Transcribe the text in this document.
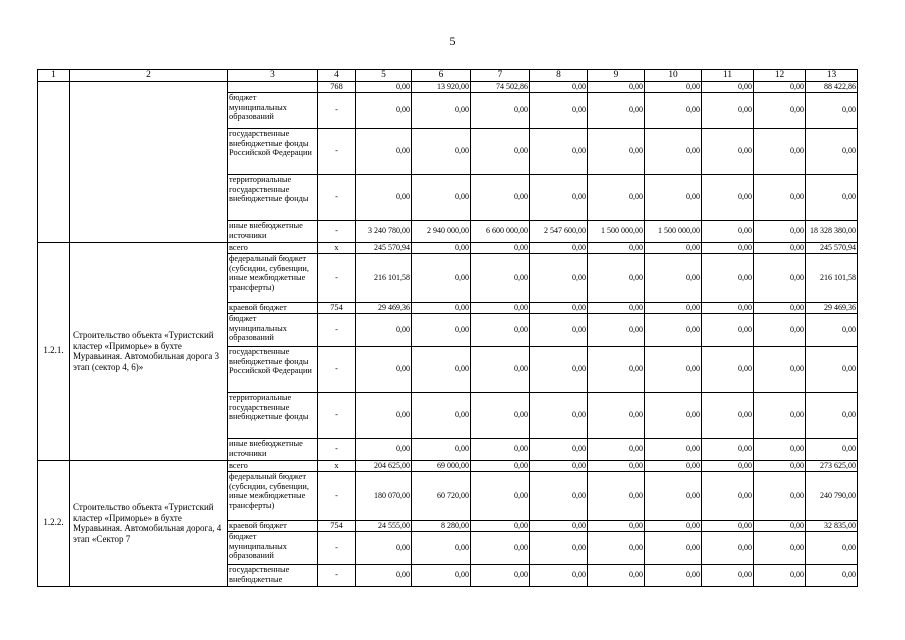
5
1	2	3	4	5	6	7	8	9	10	11	12	13
			768	0,00	13 920,00	74 502,86	0,00	0,00	0,00	0,00	0,00	88 422,86
		бюджет муниципальных образований	-	0,00	0,00	0,00	0,00	0,00	0,00	0,00	0,00	0,00
		государственные внебюджетные фонды Российской Федерации	-	0,00	0,00	0,00	0,00	0,00	0,00	0,00	0,00	0,00
		территориальные государственные внебюджетные фонды	-	0,00	0,00	0,00	0,00	0,00	0,00	0,00	0,00	0,00
		иные внебюджетные источники	-	3 240 780,00	2 940 000,00	6 600 000,00	2 547 600,00	1 500 000,00	1 500 000,00	0,00	0,00	18 328 380,00
1.2.1.	Строительство объекта «Туристский кластер «Приморье» в бухте Муравьиная. Автомобильная дорога 3 этап (сектор 4, 6)»	всего	х	245 570,94	0,00	0,00	0,00	0,00	0,00	0,00	0,00	245 570,94
		федеральный бюджет (субсидии, субвенции, иные межбюджетные трансферты)	-	216 101,58	0,00	0,00	0,00	0,00	0,00	0,00	0,00	216 101,58
		краевой бюджет	754	29 469,36	0,00	0,00	0,00	0,00	0,00	0,00	0,00	29 469,36
		бюджет муниципальных образований	-	0,00	0,00	0,00	0,00	0,00	0,00	0,00	0,00	0,00
		государственные внебюджетные фонды Российской Федерации	-	0,00	0,00	0,00	0,00	0,00	0,00	0,00	0,00	0,00
		территориальные государственные внебюджетные фонды	-	0,00	0,00	0,00	0,00	0,00	0,00	0,00	0,00	0,00
		иные внебюджетные источники	-	0,00	0,00	0,00	0,00	0,00	0,00	0,00	0,00	0,00
1.2.2.	Строительство объекта «Туристский кластер «Приморье» в бухте Муравьиная. Автомобильная дорога, 4 этап «Сектор 7	всего	х	204 625,00	69 000,00	0,00	0,00	0,00	0,00	0,00	0,00	273 625,00
		федеральный бюджет (субсидии, субвенции, иные межбюджетные трансферты)	-	180 070,00	60 720,00	0,00	0,00	0,00	0,00	0,00	0,00	240 790,00
		краевой бюджет	754	24 555,00	8 280,00	0,00	0,00	0,00	0,00	0,00	0,00	32 835,00
		бюджет муниципальных образований	-	0,00	0,00	0,00	0,00	0,00	0,00	0,00	0,00	0,00
		государственные внебюджетные	-	0,00	0,00	0,00	0,00	0,00	0,00	0,00	0,00	0,00
